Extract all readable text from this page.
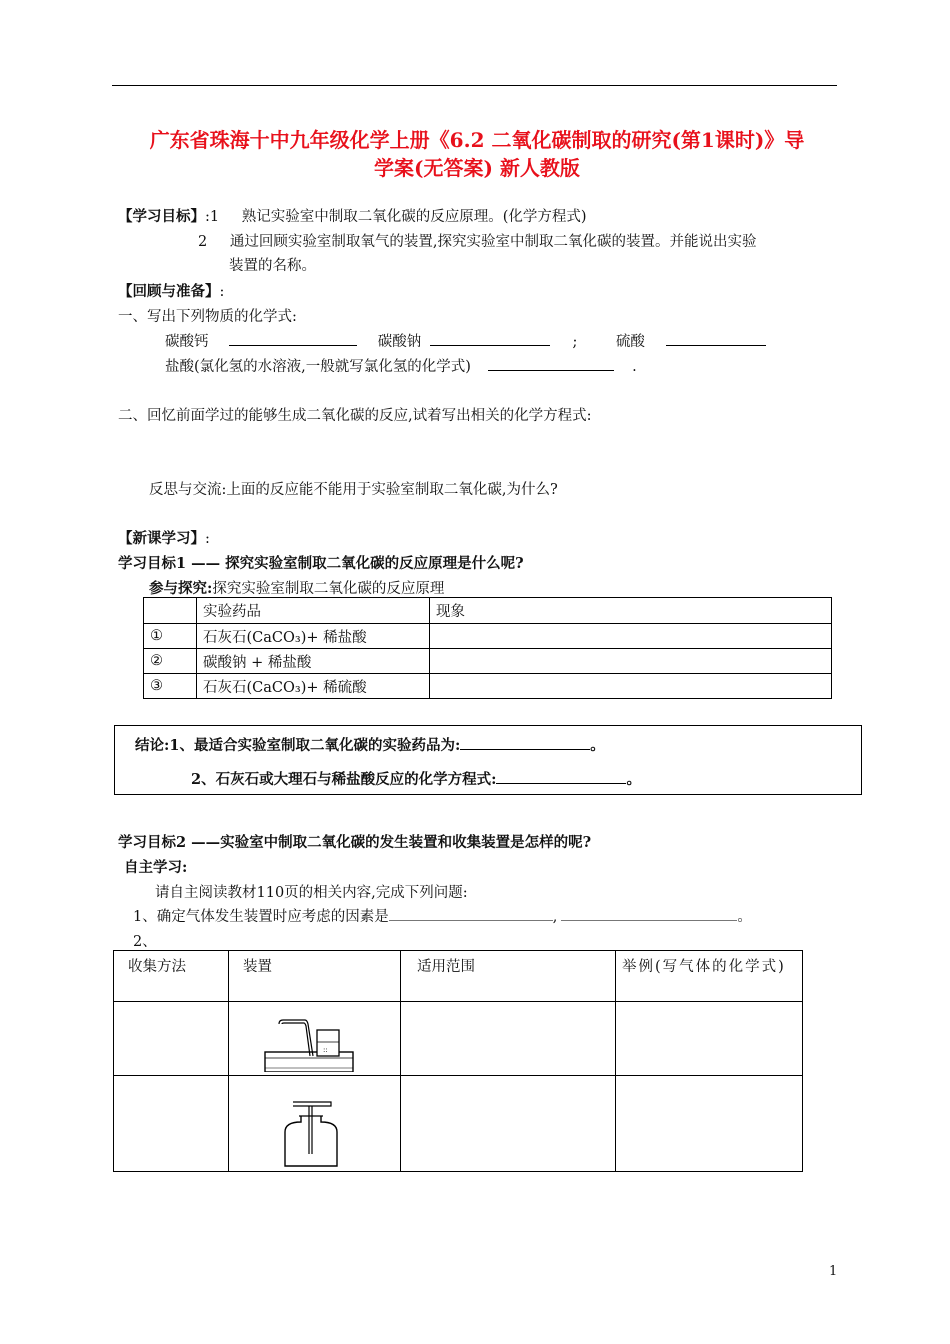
广东省珠海十中九年级化学上册《6.2 二氧化碳制取的研究(第1课时)》导
学案(无答案) 新人教版
【学习目标】:1 熟记实验室中制取二氧化碳的反应原理。(化学方程式)
2 通过回顾实验室制取氧气的装置,探究实验室中制取二氧化碳的装置。并能说出实验
装置的名称。
【回顾与准备】:
一、写出下列物质的化学式:
碳酸钙	碳酸钠	;	硫酸
盐酸(氯化氢的水溶液,一般就写氯化氢的化学式)	.
二、回忆前面学过的能够生成二氧化碳的反应,试着写出相关的化学方程式:
反思与交流:上面的反应能不能用于实验室制取二氧化碳,为什么?
【新课学习】:
学习目标1 —— 探究实验室制取二氧化碳的反应原理是什么呢?
参与探究:探究实验室制取二氧化碳的反应原理
	实验药品	现象
①	石灰石(CaCO₃)+ 稀盐酸	
②	碳酸钠 + 稀盐酸	
③	石灰石(CaCO₃)+ 稀硫酸	
结论:1、最适合实验室制取二氧化碳的实验药品为:	。
2、石灰石或大理石与稀盐酸反应的化学方程式:	。
学习目标2 ——实验室中制取二氧化碳的发生装置和收集装置是怎样的呢?
自主学习:
请自主阅读教材110页的相关内容,完成下列问题:
1、确定气体发生装置时应考虑的因素是	,	。
2、
收集方法	装置	适用范围	举例(写气体的化学式)

::		

1
